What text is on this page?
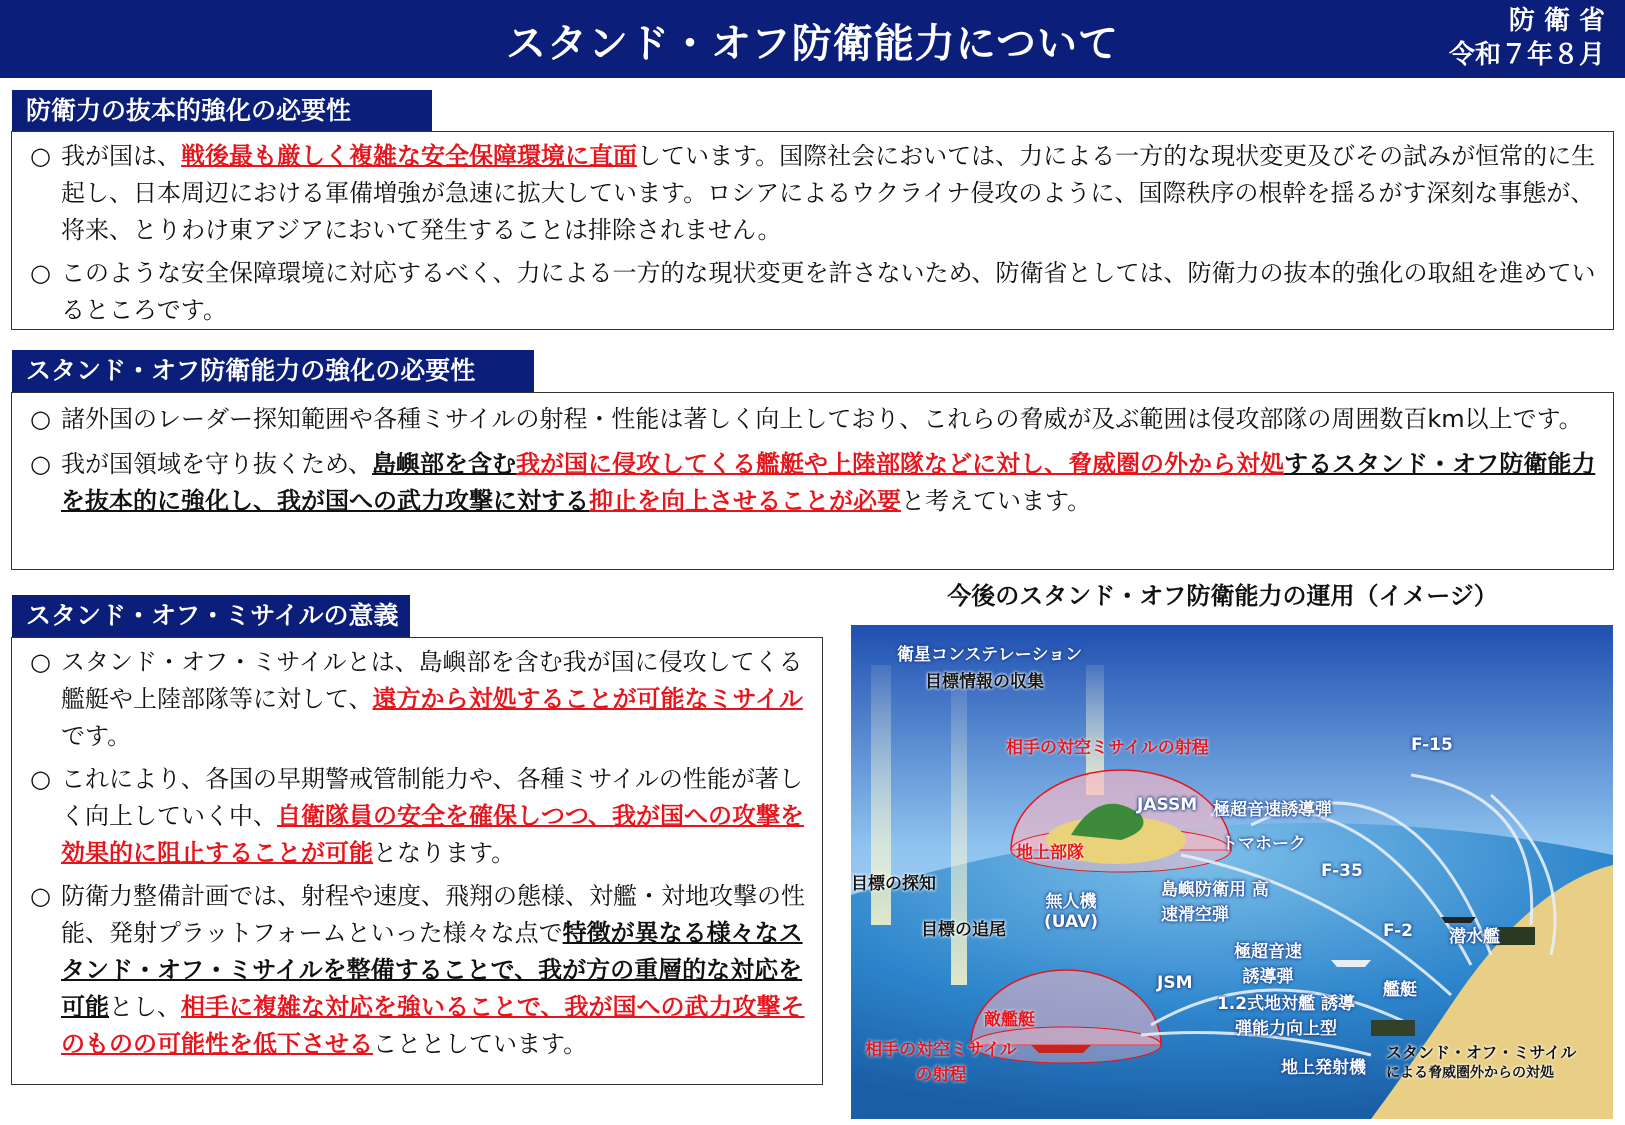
スタンド・オフ防衛能力について	防 衛 省
令和７年８月
防衛力の抜本的強化の必要性

○ 我が国は、戦後最も厳しく複雑な安全保障環境に直面しています。国際社会においては、力による一方的な現状変更及びその試みが恒常的に生起し、日本周辺における軍備増強が急速に拡大しています。ロシアによるウクライナ侵攻のように、国際秩序の根幹を揺るがす深刻な事態が、将来、とりわけ東アジアにおいて発生することは排除されません。

○ このような安全保障環境に対応するべく、力による一方的な現状変更を許さないため、防衛省としては、防衛力の抜本的強化の取組を進めているところです。

スタンド・オフ防衛能力の強化の必要性

○ 諸外国のレーダー探知範囲や各種ミサイルの射程・性能は著しく向上しており、これらの脅威が及ぶ範囲は侵攻部隊の周囲数百km以上です。

○ 我が国領域を守り抜くため、島嶼部を含む我が国に侵攻してくる艦艇や上陸部隊などに対し、脅威圏の外から対処するスタンド・オフ防衛能力を抜本的に強化し、我が国への武力攻撃に対する抑止を向上させることが必要と考えています。

スタンド・オフ・ミサイルの意義

○ スタンド・オフ・ミサイルとは、島嶼部を含む我が国に侵攻してくる艦艇や上陸部隊等に対して、遠方から対処することが可能なミサイルです。

○ これにより、各国の早期警戒管制能力や、各種ミサイルの性能が著しく向上していく中、自衛隊員の安全を確保しつつ、我が国への攻撃を効果的に阻止することが可能となります。

○ 防衛力整備計画では、射程や速度、飛翔の態様、対艦・対地攻撃の性能、発射プラットフォームといった様々な点で特徴が異なる様々なスタンド・オフ・ミサイルを整備することで、我が方の重層的な対応を可能とし、相手に複雑な対応を強いることで、我が国への武力攻撃そのものの可能性を低下させることとしています。

今後のスタンド・オフ防衛能力の運用（イメージ）
衛星コンステレーション
目標情報の収集
相手の対空ミサイルの射程	F-15
JASSM 極超音速誘導弾
地上部隊	トマホーク
F-35
目標の探知
無人機 (UAV)
島嶼防衛用 高速滑空弾
目標の追尾	F-2 潜水艦
極超音速 誘導弾
JSM	艦艇
1.2式地対艦 誘導弾能力向上型
敵艦艇
相手の対空ミサイル の射程	地上発射機
スタンド・オフ・ミサイル
による脅威圏外からの対処
